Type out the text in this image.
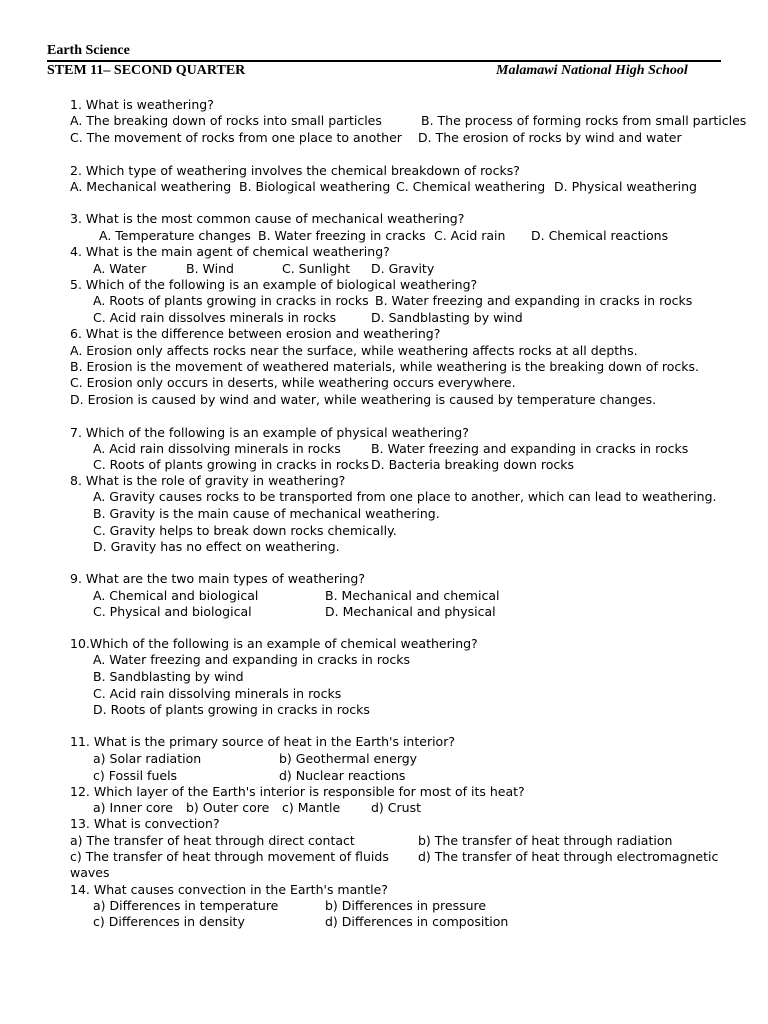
Earth Science
STEM 11– SECOND QUARTER	Malamawi National High School
1. What is weathering?
A. The breaking down of rocks into small particles	B. The process of forming rocks from small particles
C. The movement of rocks from one place to another D. The erosion of rocks by wind and water
2. Which type of weathering involves the chemical breakdown of rocks?
A. Mechanical weathering B. Biological weathering C. Chemical weathering D. Physical weathering
3. What is the most common cause of mechanical weathering?
A. Temperature changes B. Water freezing in cracks C. Acid rain D. Chemical reactions
4. What is the main agent of chemical weathering?
A. Water	B. Wind	C. Sunlight D. Gravity
5. Which of the following is an example of biological weathering?
A. Roots of plants growing in cracks in rocks B. Water freezing and expanding in cracks in rocks
C. Acid rain dissolves minerals in rocks	D. Sandblasting by wind
6. What is the difference between erosion and weathering?
A. Erosion only affects rocks near the surface, while weathering affects rocks at all depths.
B. Erosion is the movement of weathered materials, while weathering is the breaking down of rocks.
C. Erosion only occurs in deserts, while weathering occurs everywhere.
D. Erosion is caused by wind and water, while weathering is caused by temperature changes.
7. Which of the following is an example of physical weathering?
A. Acid rain dissolving minerals in rocks B. Water freezing and expanding in cracks in rocks
C. Roots of plants growing in cracks in rocks D. Bacteria breaking down rocks
8. What is the role of gravity in weathering?
A. Gravity causes rocks to be transported from one place to another, which can lead to weathering.
B. Gravity is the main cause of mechanical weathering.
C. Gravity helps to break down rocks chemically.
D. Gravity has no effect on weathering.
9. What are the two main types of weathering?
A. Chemical and biological	B. Mechanical and chemical
C. Physical and biological	D. Mechanical and physical
10.Which of the following is an example of chemical weathering?
A. Water freezing and expanding in cracks in rocks
B. Sandblasting by wind
C. Acid rain dissolving minerals in rocks
D. Roots of plants growing in cracks in rocks
11. What is the primary source of heat in the Earth's interior?
a) Solar radiation	b) Geothermal energy
c) Fossil fuels	d) Nuclear reactions
12. Which layer of the Earth's interior is responsible for most of its heat?
a) Inner core b) Outer core c) Mantle d) Crust
13. What is convection?
a) The transfer of heat through direct contact	b) The transfer of heat through radiation
c) The transfer of heat through movement of fluids d) The transfer of heat through electromagnetic
waves
14. What causes convection in the Earth's mantle?
a) Differences in temperature	b) Differences in pressure
c) Differences in density	d) Differences in composition
